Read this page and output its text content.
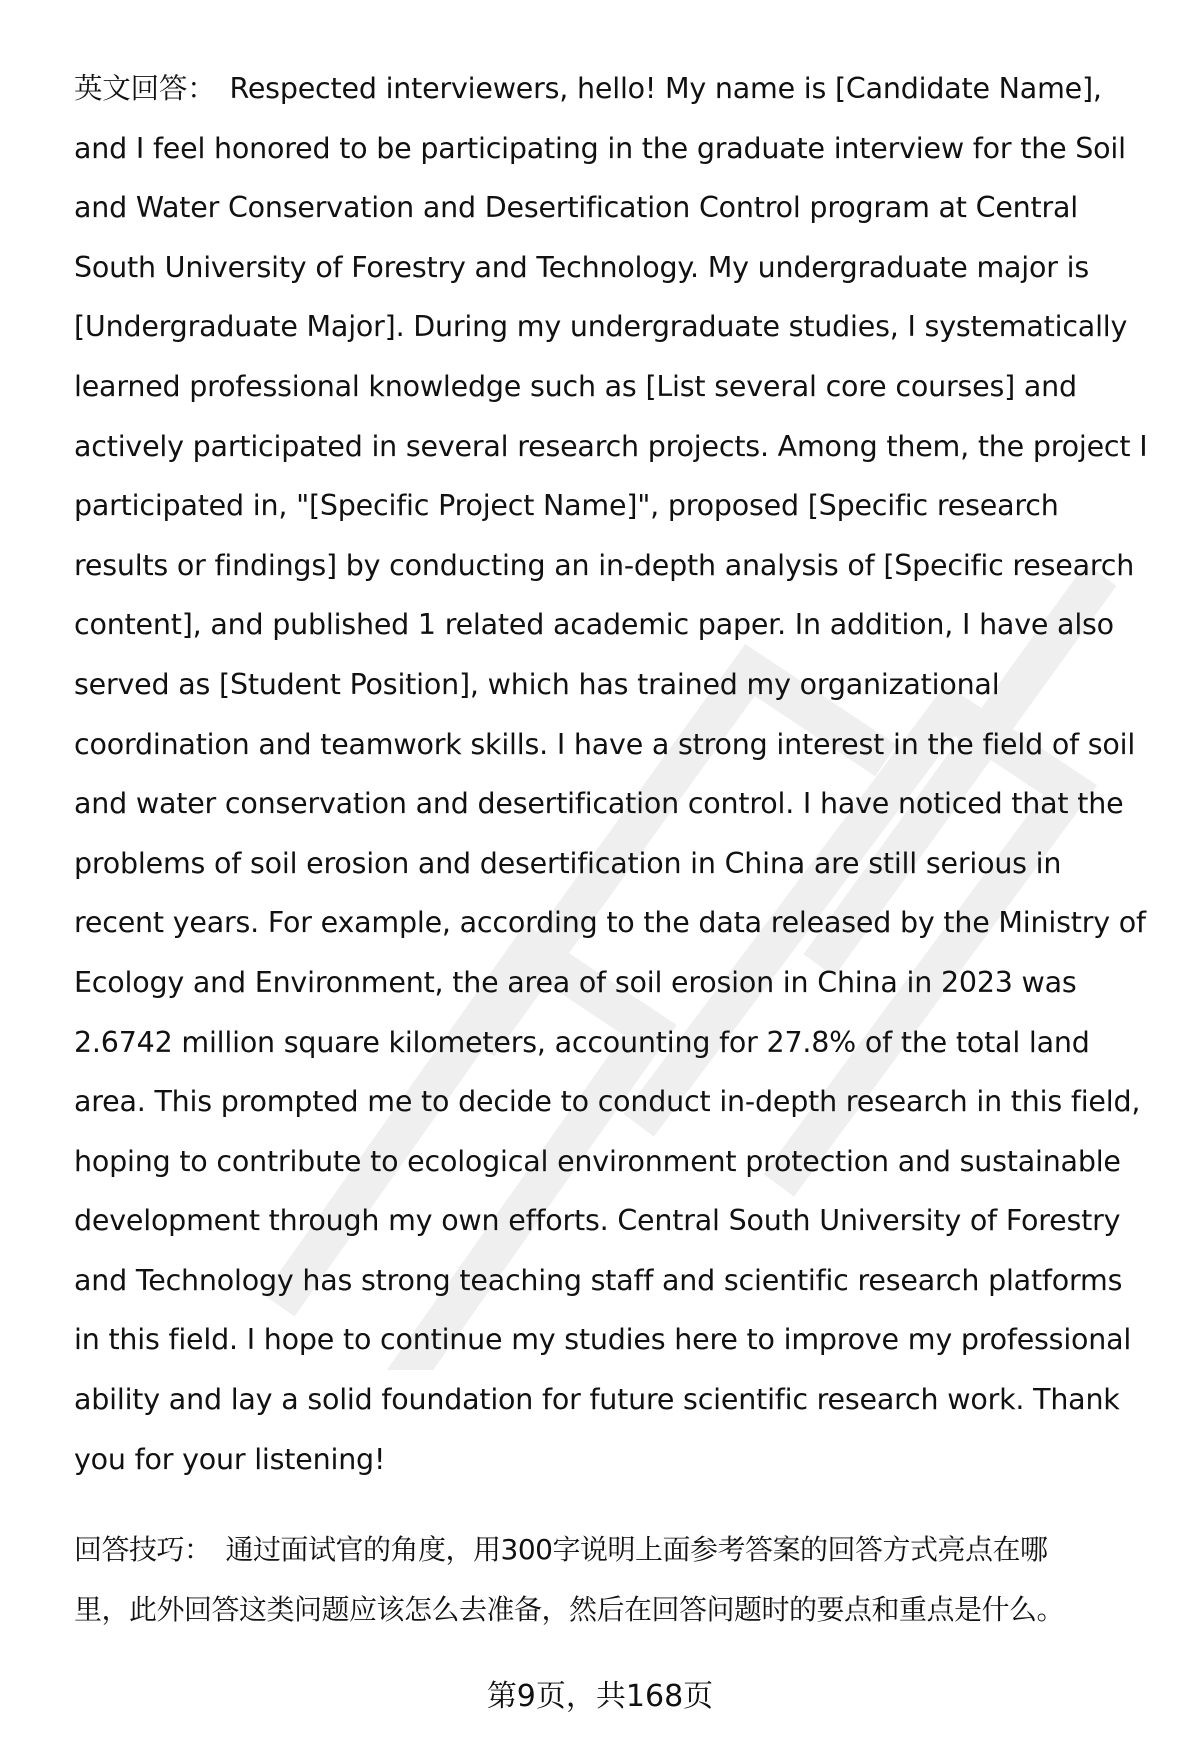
英文回答： Respected interviewers, hello! My name is [Candidate Name],
and I feel honored to be participating in the graduate interview for the Soil
and Water Conservation and Desertification Control program at Central
South University of Forestry and Technology. My undergraduate major is
[Undergraduate Major]. During my undergraduate studies, I systematically
learned professional knowledge such as [List several core courses] and
actively participated in several research projects. Among them, the project I
participated in, "[Specific Project Name]", proposed [Specific research
results or findings] by conducting an in-depth analysis of [Specific research
content], and published 1 related academic paper. In addition, I have also
served as [Student Position], which has trained my organizational
coordination and teamwork skills. I have a strong interest in the field of soil
and water conservation and desertification control. I have noticed that the
problems of soil erosion and desertification in China are still serious in
recent years. For example, according to the data released by the Ministry of
Ecology and Environment, the area of soil erosion in China in 2023 was
2.6742 million square kilometers, accounting for 27.8% of the total land
area. This prompted me to decide to conduct in-depth research in this field,
hoping to contribute to ecological environment protection and sustainable
development through my own efforts. Central South University of Forestry
and Technology has strong teaching staff and scientific research platforms
in this field. I hope to continue my studies here to improve my professional
ability and lay a solid foundation for future scientific research work. Thank
you for your listening!
回答技巧： 通过面试官的角度，用300字说明上面参考答案的回答方式亮点在哪
里，此外回答这类问题应该怎么去准备，然后在回答问题时的要点和重点是什么。
第9页，共168页
